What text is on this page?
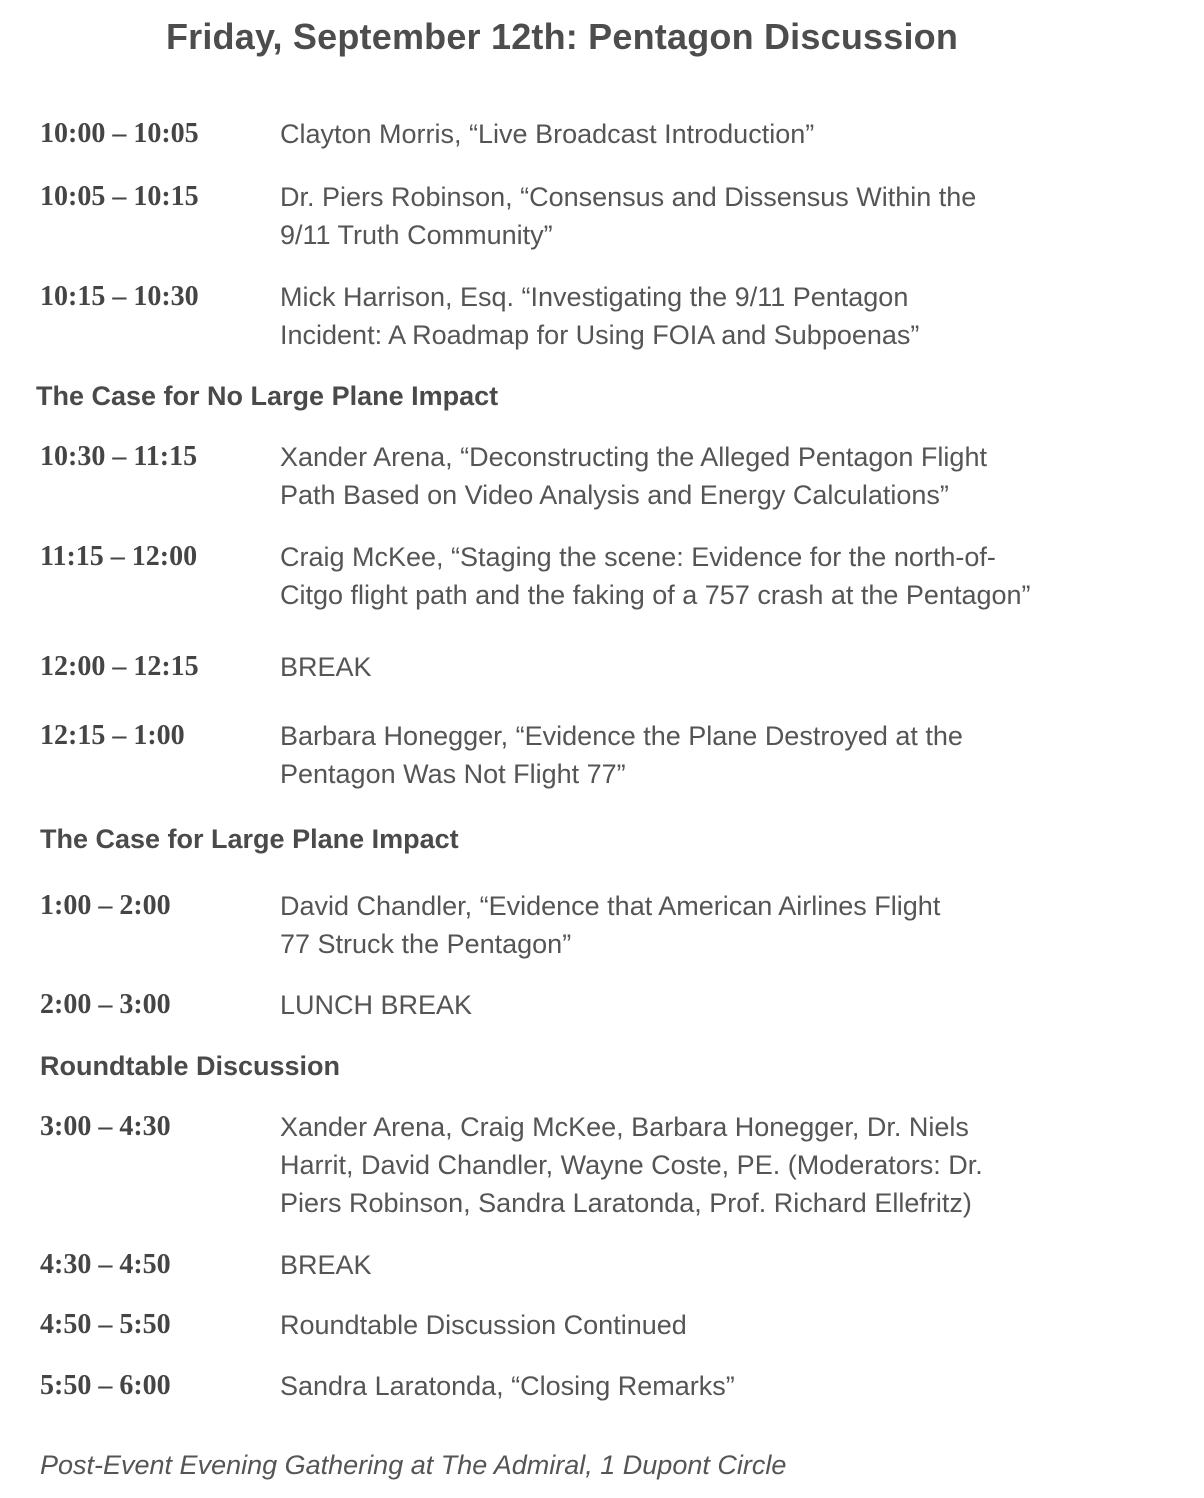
Friday, September 12th: Pentagon Discussion
10:00 – 10:05	Clayton Morris, “Live Broadcast Introduction”
10:05 – 10:15	Dr. Piers Robinson, “Consensus and Dissensus Within the
9/11 Truth Community”
10:15 – 10:30	Mick Harrison, Esq. “Investigating the 9/11 Pentagon
Incident: A Roadmap for Using FOIA and Subpoenas”
The Case for No Large Plane Impact
10:30 – 11:15	Xander Arena, “Deconstructing the Alleged Pentagon Flight
Path Based on Video Analysis and Energy Calculations”
11:15 – 12:00	Craig McKee, “Staging the scene: Evidence for the north-of-
Citgo flight path and the faking of a 757 crash at the Pentagon”
12:00 – 12:15	BREAK
12:15 – 1:00	Barbara Honegger, “Evidence the Plane Destroyed at the
Pentagon Was Not Flight 77”
The Case for Large Plane Impact
1:00 – 2:00	David Chandler, “Evidence that American Airlines Flight
77 Struck the Pentagon”
2:00 – 3:00	LUNCH BREAK
Roundtable Discussion
3:00 – 4:30	Xander Arena, Craig McKee, Barbara Honegger, Dr. Niels
Harrit, David Chandler, Wayne Coste, PE. (Moderators: Dr.
Piers Robinson, Sandra Laratonda, Prof. Richard Ellefritz)
4:30 – 4:50	BREAK
4:50 – 5:50	Roundtable Discussion Continued
5:50 – 6:00	Sandra Laratonda, “Closing Remarks”
Post-Event Evening Gathering at The Admiral, 1 Dupont Circle
